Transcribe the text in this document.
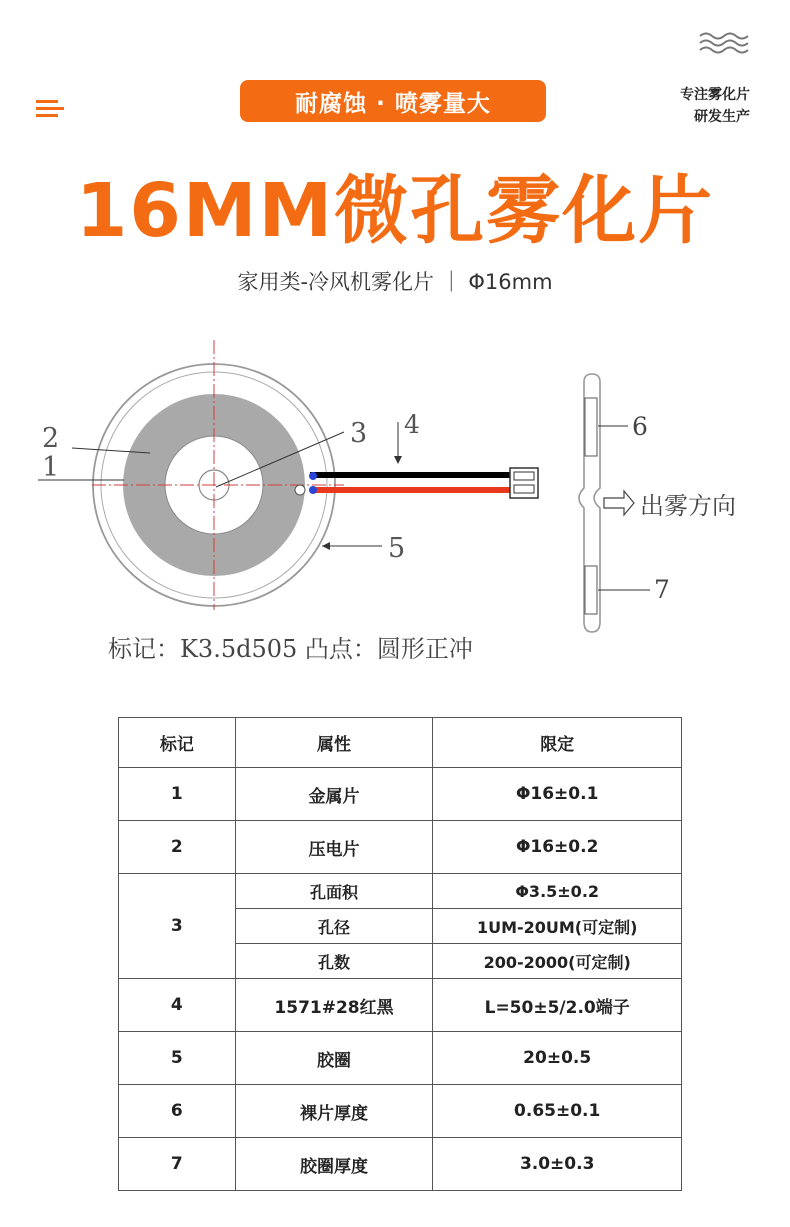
耐腐蚀 · 喷雾量大	专注雾化片
研发生产
16MM微孔雾化片
家用类-冷风机雾化片 ｜ Φ16mm
2
1
3 4
5
6
7
出雾方向
标记：K3.5d505 凸点：圆形正冲
标记	属性	限定
1	金属片	Φ16±0.1
2	压电片	Φ16±0.2
3	孔面积	Φ3.5±0.2
	孔径	1UM-20UM(可定制)
	孔数	200-2000(可定制)
4	1571#28红黑	L=50±5/2.0端子
5	胶圈	20±0.5
6	裸片厚度	0.65±0.1
7	胶圈厚度	3.0±0.3
